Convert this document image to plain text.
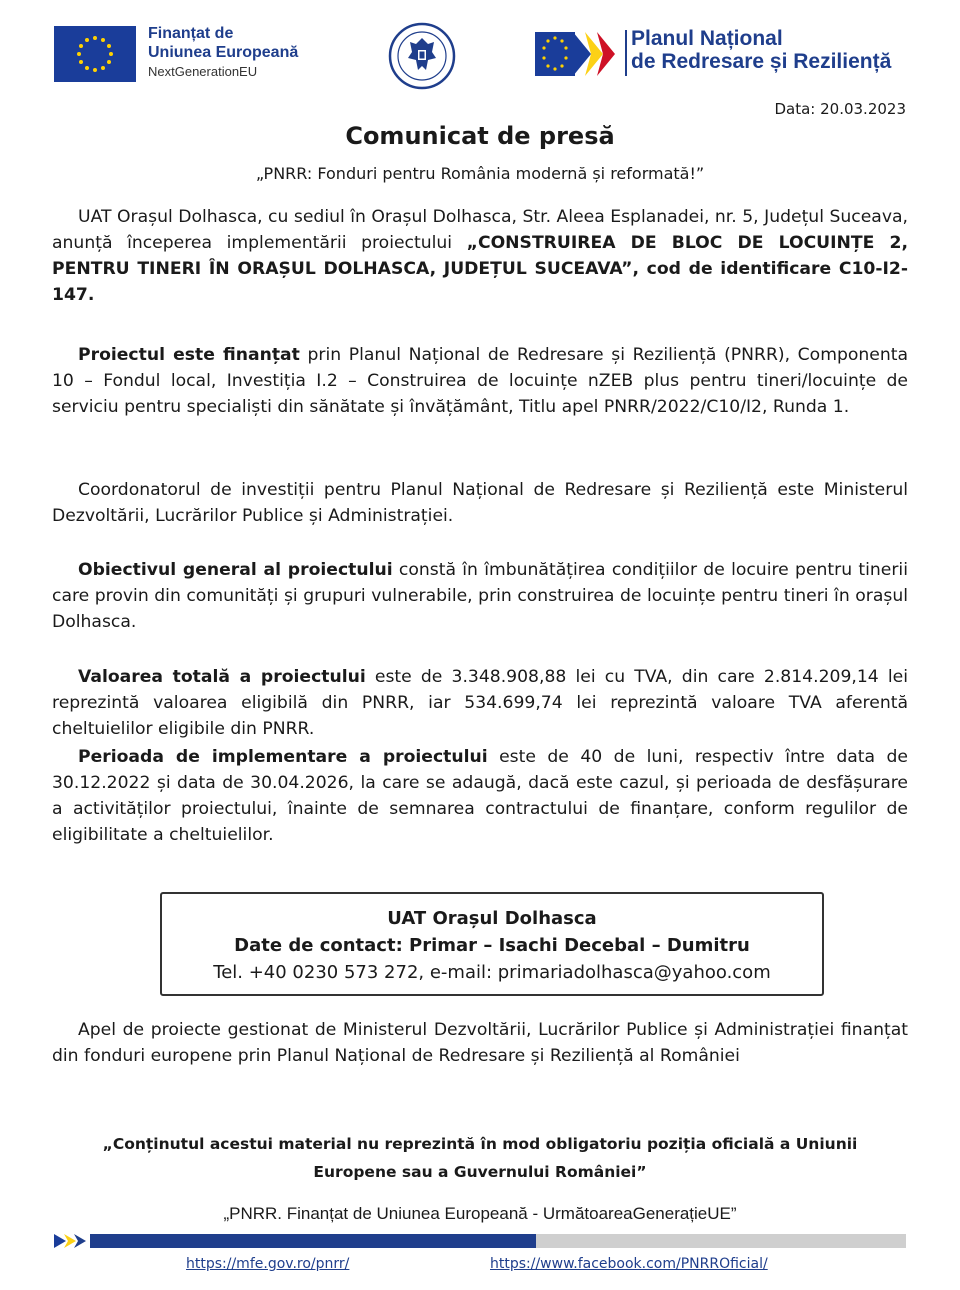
Finanțat de
Uniunea Europeană
NextGenerationEU
Planul Național
de Redresare și Reziliență
Data: 20.03.2023
Comunicat de presă
„PNRR: Fonduri pentru România modernă și reformată!”

UAT Orașul Dolhasca, cu sediul în Orașul Dolhasca, Str. Aleea Esplanadei, nr. 5, Județul Suceava, anunță începerea implementării proiectului „CONSTRUIREA DE BLOC DE LOCUINȚE 2, PENTRU TINERI ÎN ORAȘUL DOLHASCA, JUDEȚUL SUCEAVA”, cod de identificare C10-I2-147.

Proiectul este finanțat prin Planul Național de Redresare și Reziliență (PNRR), Componenta 10 – Fondul local, Investiția I.2 – Construirea de locuințe nZEB plus pentru tineri/locuințe de serviciu pentru specialiști din sănătate și învățământ, Titlu apel PNRR/2022/C10/I2, Runda 1.

Coordonatorul de investiții pentru Planul Național de Redresare și Reziliență este Ministerul Dezvoltării, Lucrărilor Publice și Administrației.

Obiectivul general al proiectului constă în îmbunătățirea condițiilor de locuire pentru tinerii care provin din comunități și grupuri vulnerabile, prin construirea de locuințe pentru tineri în orașul Dolhasca.

Valoarea totală a proiectului este de 3.348.908,88 lei cu TVA, din care 2.814.209,14 lei reprezintă valoarea eligibilă din PNRR, iar 534.699,74 lei reprezintă valoare TVA aferentă cheltuielilor eligibile din PNRR.

Perioada de implementare a proiectului este de 40 de luni, respectiv între data de 30.12.2022 și data de 30.04.2026, la care se adaugă, dacă este cazul, și perioada de desfășurare a activităților proiectului, înainte de semnarea contractului de finanțare, conform regulilor de eligibilitate a cheltuielilor.

UAT Orașul Dolhasca
Date de contact: Primar – Isachi Decebal – Dumitru
Tel. +40 0230 573 272, e-mail: primariadolhasca@yahoo.com

Apel de proiecte gestionat de Ministerul Dezvoltării, Lucrărilor Publice și Administrației finanțat din fonduri europene prin Planul Național de Redresare și Reziliență al României

„Conținutul acestui material nu reprezintă în mod obligatoriu poziția oficială a Uniunii
Europene sau a Guvernului României”
„PNRR. Finanțat de Uniunea Europeană - UrmătoareaGenerațieUE”
https://mfe.gov.ro/pnrr/	https://www.facebook.com/PNRROficial/
